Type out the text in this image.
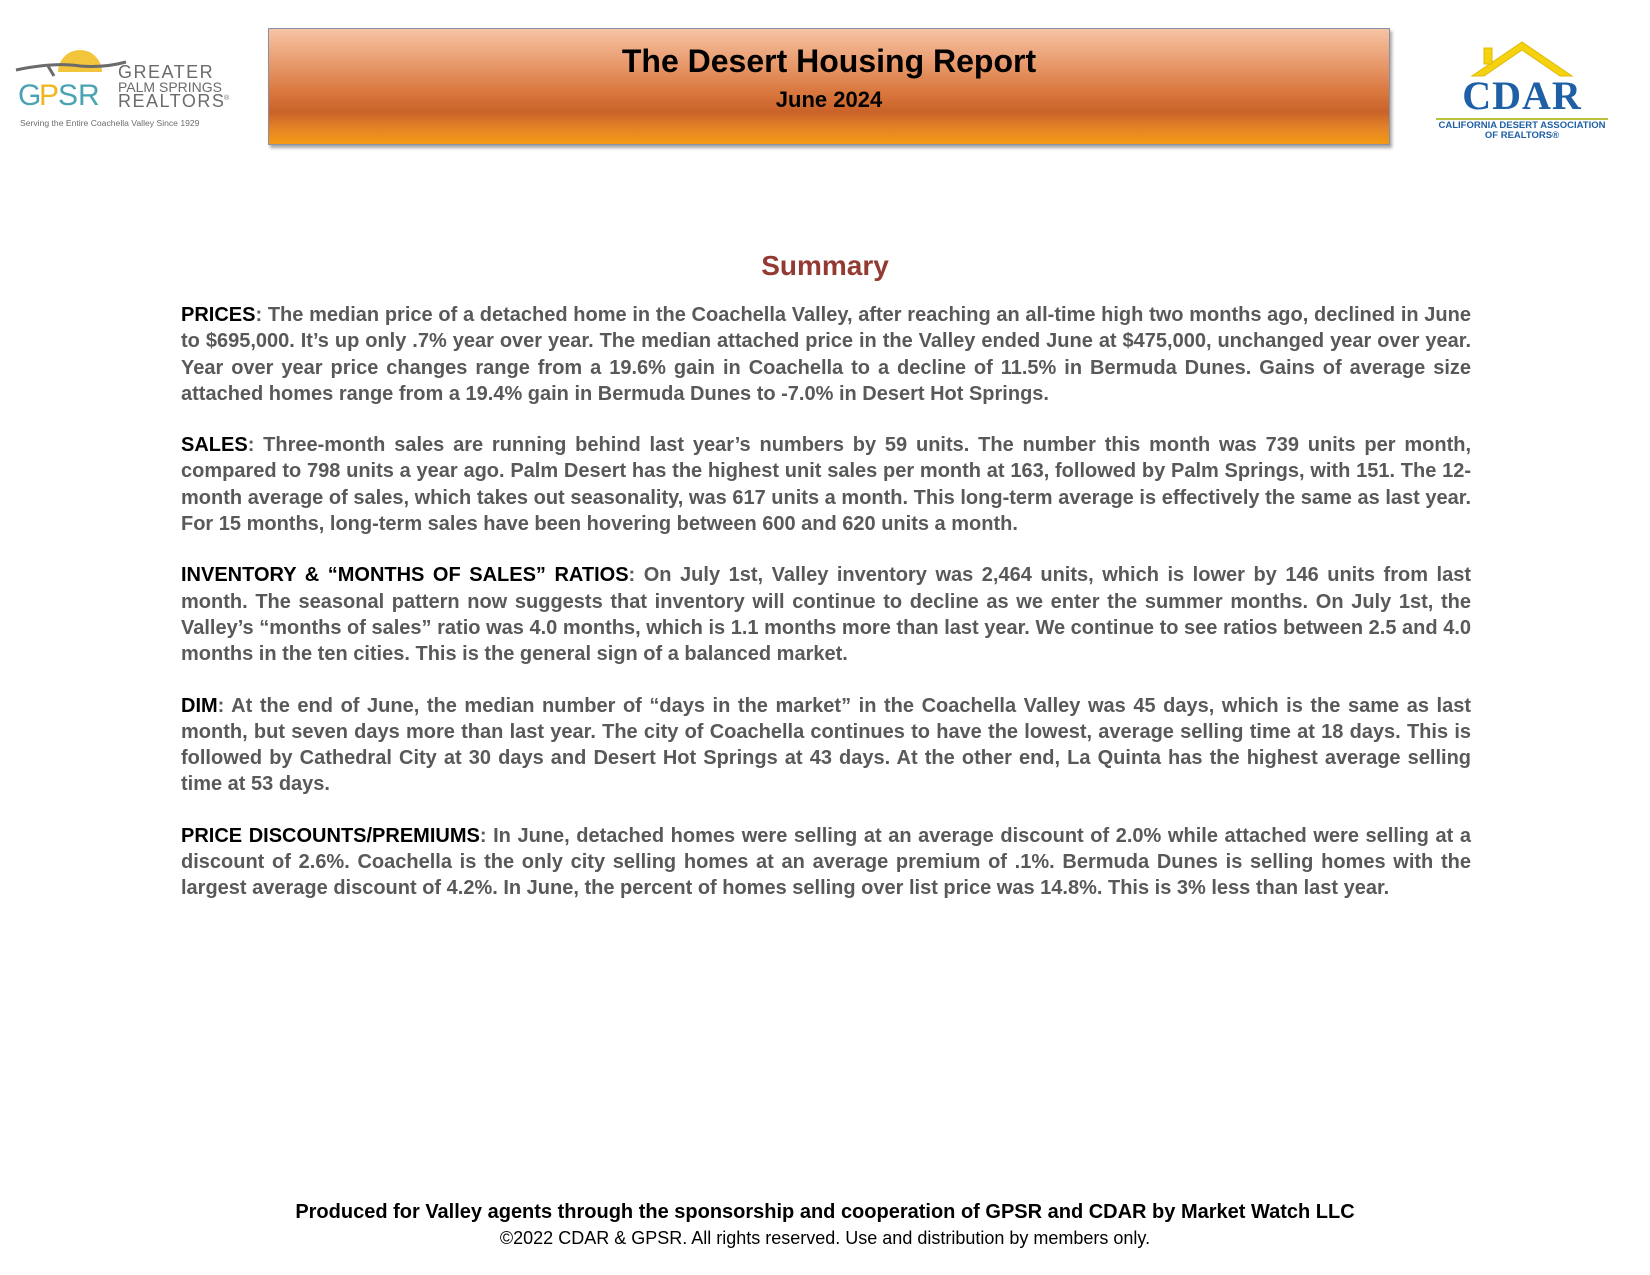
G
P
SR
GREATER
PALM SPRINGS
REALTORS
®
Serving the Entire Coachella Valley Since 1929
The Desert Housing Report
June 2024	CDAR
CALIFORNIA DESERT ASSOCIATION
OF REALTORS®
Summary

PRICES: The median price of a detached home in the Coachella Valley, after reaching an all-time high two months ago, declined in June to $695,000. It’s up only .7% year over year. The median attached price in the Valley ended June at $475,000, unchanged year over year. Year over year price changes range from a 19.6% gain in Coachella to a decline of 11.5% in Bermuda Dunes. Gains of average size attached homes range from a 19.4% gain in Bermuda Dunes to -7.0% in Desert Hot Springs.

SALES: Three-month sales are running behind last year’s numbers by 59 units. The number this month was 739 units per month, compared to 798 units a year ago. Palm Desert has the highest unit sales per month at 163, followed by Palm Springs, with 151. The 12-month average of sales, which takes out seasonality, was 617 units a month. This long-term average is effectively the same as last year. For 15 months, long-term sales have been hovering between 600 and 620 units a month.

INVENTORY & “MONTHS OF SALES” RATIOS: On July 1st, Valley inventory was 2,464 units, which is lower by 146 units from last month. The seasonal pattern now suggests that inventory will continue to decline as we enter the summer months. On July 1st, the Valley’s “months of sales” ratio was 4.0 months, which is 1.1 months more than last year. We continue to see ratios between 2.5 and 4.0 months in the ten cities. This is the general sign of a balanced market.

DIM: At the end of June, the median number of “days in the market” in the Coachella Valley was 45 days, which is the same as last month, but seven days more than last year. The city of Coachella continues to have the lowest, average selling time at 18 days. This is followed by Cathedral City at 30 days and Desert Hot Springs at 43 days. At the other end, La Quinta has the highest average selling time at 53 days.

PRICE DISCOUNTS/PREMIUMS: In June, detached homes were selling at an average discount of 2.0% while attached were selling at a discount of 2.6%. Coachella is the only city selling homes at an average premium of .1%. Bermuda Dunes is selling homes with the largest average discount of 4.2%. In June, the percent of homes selling over list price was 14.8%. This is 3% less than last year.

Produced for Valley agents through the sponsorship and cooperation of GPSR and CDAR by Market Watch LLC
©2022 CDAR & GPSR. All rights reserved. Use and distribution by members only.
